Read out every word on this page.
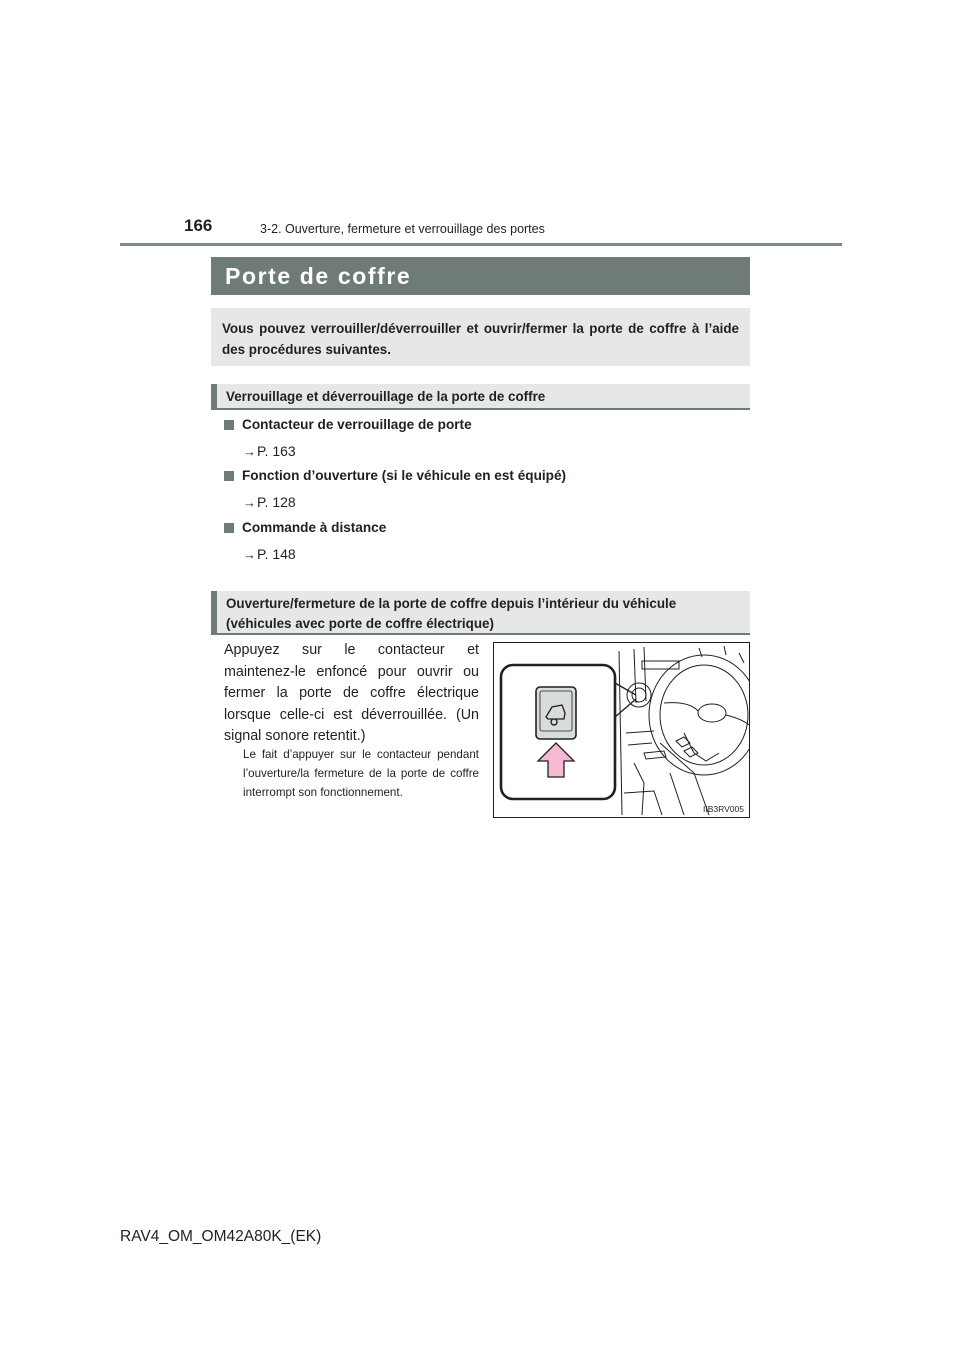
166	3-2. Ouverture, fermeture et verrouillage des portes
Porte de coffre
Vous pouvez verrouiller/déverrouiller et ouvrir/fermer la porte de coffre à l’aide des procédures suivantes.
Verrouillage et déverrouillage de la porte de coffre
Contacteur de verrouillage de porte
→P. 163
Fonction d’ouverture (si le véhicule en est équipé)
→P. 128
Commande à distance
→P. 148
Ouverture/fermeture de la porte de coffre depuis l’intérieur du véhicule (véhicules avec porte de coffre électrique)
Appuyez sur le contacteur et maintenez-le enfoncé pour ouvrir ou fermer la porte de coffre électrique lorsque celle-ci est déverrouillée. (Un signal sonore retentit.)
Le fait d’appuyer sur le contacteur pendant l’ouverture/la fermeture de la porte de coffre interrompt son fonctionnement.
IIB3RV005
RAV4_OM_OM42A80K_(EK)
